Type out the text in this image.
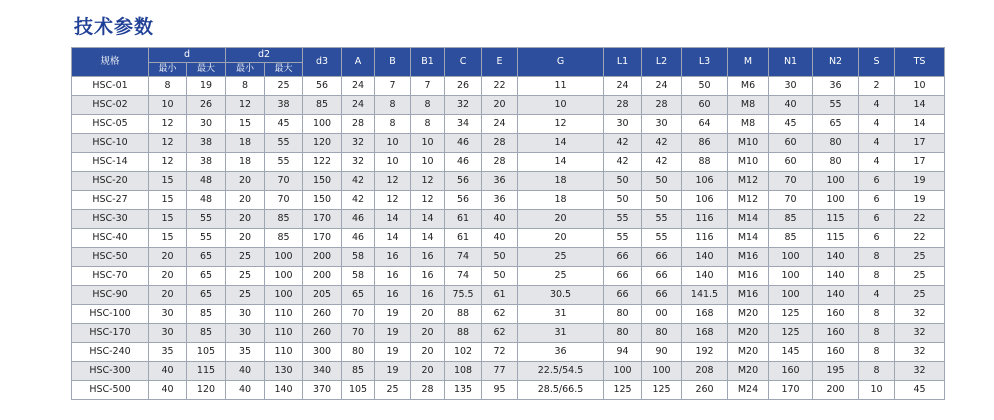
技术参数
规格	d		d2		d3	A	B	B1	C	E	G	L1	L2	L3	M	N1	N2	S	TS
	最小	最大	最小	最大															
HSC-01	8	19	8	25	56	24	7	7	26	22	11	24	24	50	M6	30	36	2	10
HSC-02	10	26	12	38	85	24	8	8	32	20	10	28	28	60	M8	40	55	4	14
HSC-05	12	30	15	45	100	28	8	8	34	24	12	30	30	64	M8	45	65	4	14
HSC-10	12	38	18	55	120	32	10	10	46	28	14	42	42	86	M10	60	80	4	17
HSC-14	12	38	18	55	122	32	10	10	46	28	14	42	42	88	M10	60	80	4	17
HSC-20	15	48	20	70	150	42	12	12	56	36	18	50	50	106	M12	70	100	6	19
HSC-27	15	48	20	70	150	42	12	12	56	36	18	50	50	106	M12	70	100	6	19
HSC-30	15	55	20	85	170	46	14	14	61	40	20	55	55	116	M14	85	115	6	22
HSC-40	15	55	20	85	170	46	14	14	61	40	20	55	55	116	M14	85	115	6	22
HSC-50	20	65	25	100	200	58	16	16	74	50	25	66	66	140	M16	100	140	8	25
HSC-70	20	65	25	100	200	58	16	16	74	50	25	66	66	140	M16	100	140	8	25
HSC-90	20	65	25	100	205	65	16	16	75.5	61	30.5	66	66	141.5	M16	100	140	4	25
HSC-100	30	85	30	110	260	70	19	20	88	62	31	80	00	168	M20	125	160	8	32
HSC-170	30	85	30	110	260	70	19	20	88	62	31	80	80	168	M20	125	160	8	32
HSC-240	35	105	35	110	300	80	19	20	102	72	36	94	90	192	M20	145	160	8	32
HSC-300	40	115	40	130	340	85	19	20	108	77	22.5/54.5	100	100	208	M20	160	195	8	32
HSC-500	40	120	40	140	370	105	25	28	135	95	28.5/66.5	125	125	260	M24	170	200	10	45
